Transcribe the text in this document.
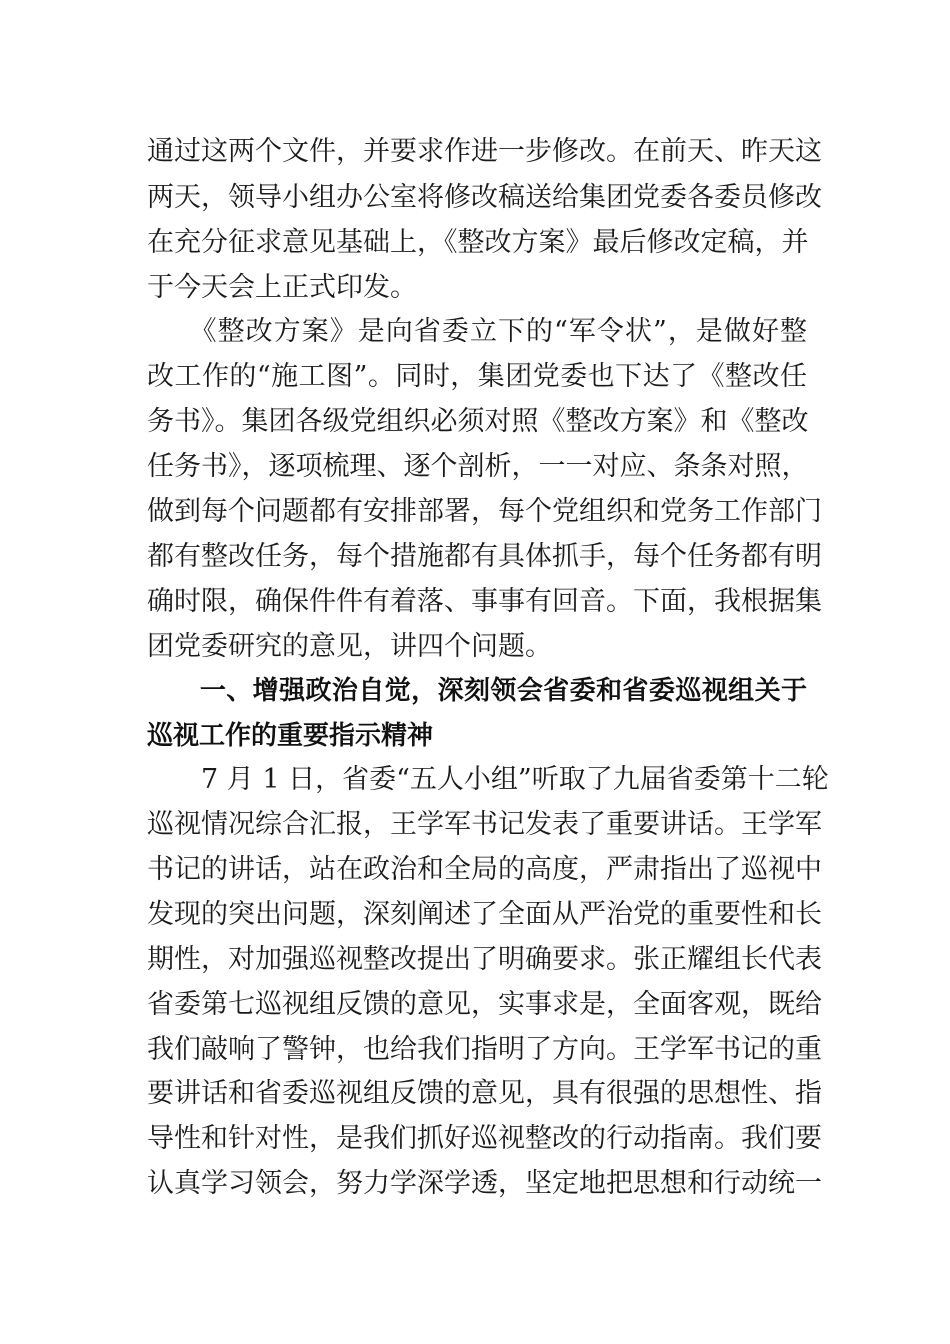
通过这两个文件，并要求作进一步修改。在前天、昨天这
两天，领导小组办公室将修改稿送给集团党委各委员修改
在充分征求意见基础上，《整改方案》最后修改定稿，并
于今天会上正式印发。
　　《整改方案》是向省委立下的“军令状”，是做好整
改工作的“施工图”。同时，集团党委也下达了《整改任
务书》。集团各级党组织必须对照《整改方案》和《整改
任务书》，逐项梳理、逐个剖析，一一对应、条条对照，
做到每个问题都有安排部署，每个党组织和党务工作部门
都有整改任务，每个措施都有具体抓手，每个任务都有明
确时限，确保件件有着落、事事有回音。下面，我根据集
团党委研究的意见，讲四个问题。
　　一、增强政治自觉，深刻领会省委和省委巡视组关于
巡视工作的重要指示精神
　　7 月 1 日，省委“五人小组”听取了九届省委第十二轮
巡视情况综合汇报，王学军书记发表了重要讲话。王学军
书记的讲话，站在政治和全局的高度，严肃指出了巡视中
发现的突出问题，深刻阐述了全面从严治党的重要性和长
期性，对加强巡视整改提出了明确要求。张正耀组长代表
省委第七巡视组反馈的意见，实事求是，全面客观，既给
我们敲响了警钟，也给我们指明了方向。王学军书记的重
要讲话和省委巡视组反馈的意见，具有很强的思想性、指
导性和针对性，是我们抓好巡视整改的行动指南。我们要
认真学习领会，努力学深学透，坚定地把思想和行动统一
